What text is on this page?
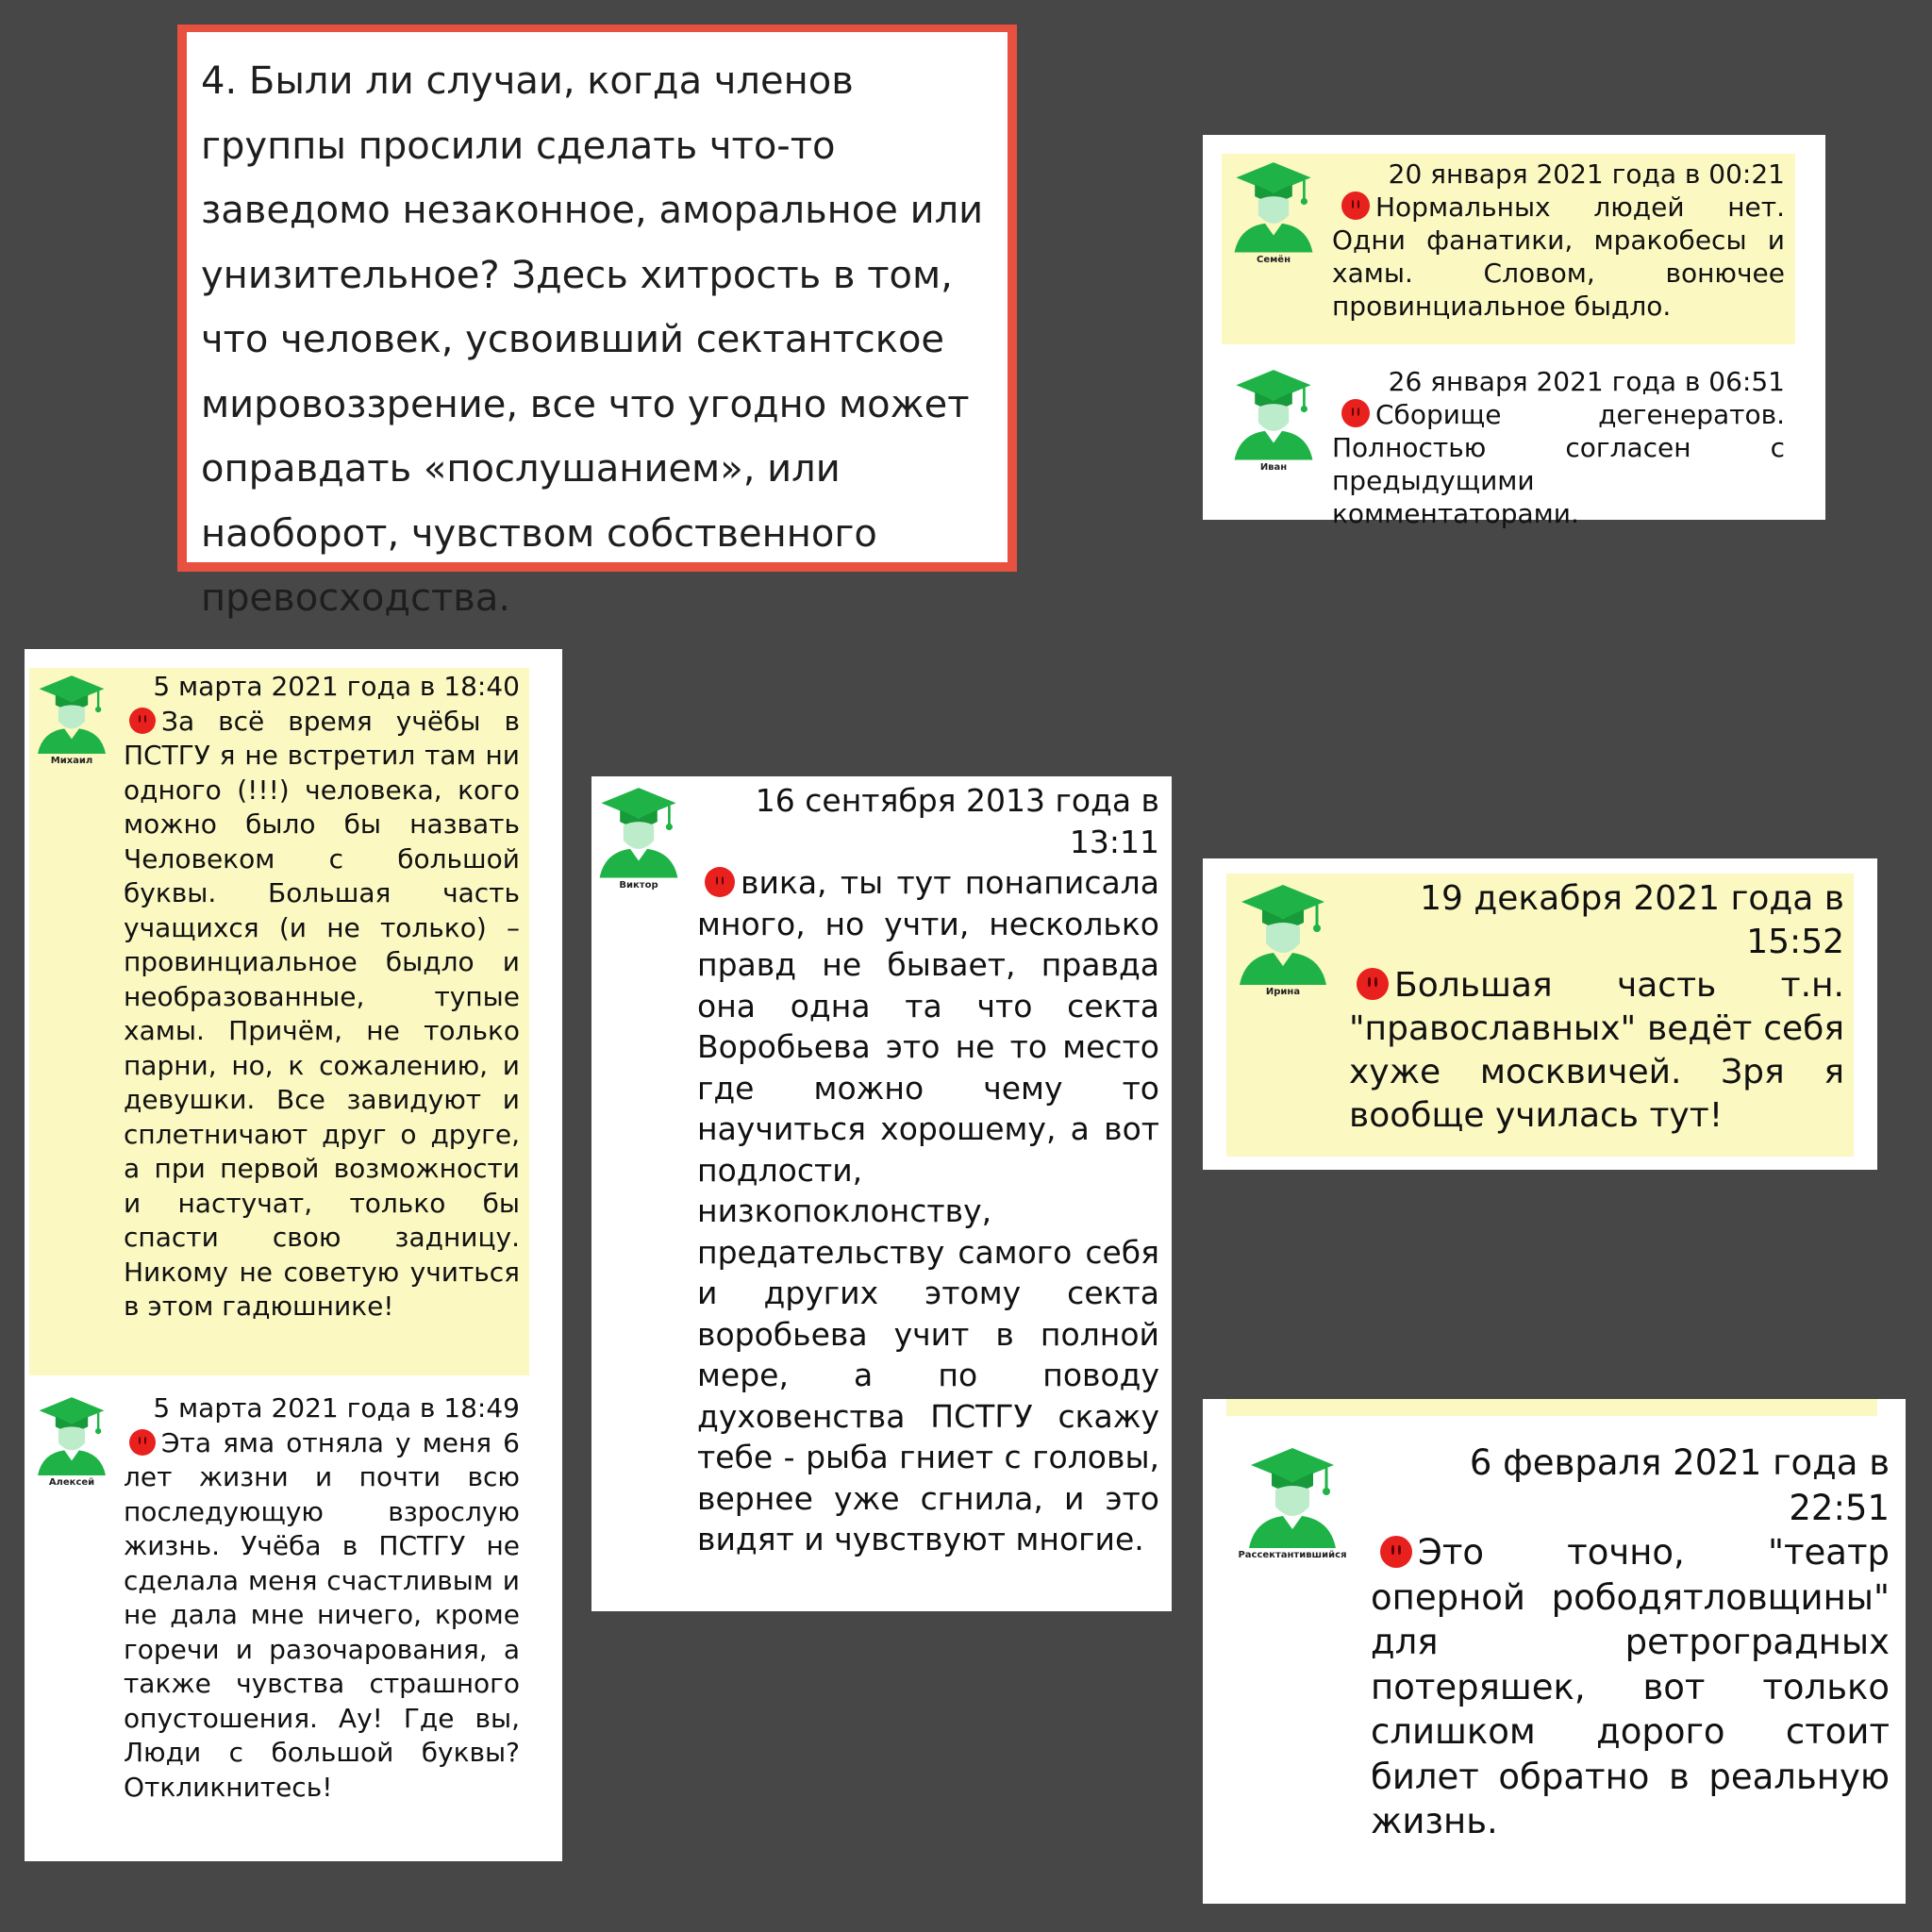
4. Были ли случаи, когда членов группы просили сделать что-то заведомо незаконное, аморальное или унизительное? Здесь хитрость в том, что человек, усвоивший сектантское мировоззрение, все что угодно может оправдать «послушанием», или наоборот, чувством собственного превосходства.

Семён
20 января 2021 года в 00:21
Нормальных людей нет. Одни фанатики, мракобесы и хамы. Словом, вонючее провинциальное быдло.
Иван
26 января 2021 года в 06:51
Сборище дегенератов. Полностью согласен с предыдущими комментаторами.
Михаил
5 марта 2021 года в 18:40
За всё время учёбы в ПСТГУ я не встретил там ни одного (!!!) человека, кого можно было бы назвать Человеком с большой буквы. Большая часть учащихся (и не только) – провинциальное быдло и необразованные, тупые хамы. Причём, не только парни, но, к сожалению, и девушки. Все завидуют и сплетничают друг о друге, а при первой возможности и настучат, только бы спасти свою задницу. Никому не советую учиться в этом гадюшнике!
Алексей
5 марта 2021 года в 18:49
Эта яма отняла у меня 6 лет жизни и почти всю последующую взрослую жизнь. Учёба в ПСТГУ не сделала меня счастливым и не дала мне ничего, кроме горечи и разочарования, а также чувства страшного опустошения. Ау! Где вы, Люди с большой буквы? Откликнитесь!
Виктор
16 сентября 2013 года в 13:11
вика, ты тут понаписала много, но учти, несколько правд не бывает, правда она одна та что секта Воробьева это не то место где можно чему то научиться хорошему, а вот подлости, низкопоклонству, предательству самого себя и других этому секта воробьева учит в полной мере, а по поводу духовенства ПСТГУ скажу тебе - рыба гниет с головы, вернее уже сгнила, и это видят и чувствуют многие.
Ирина
19 декабря 2021 года в 15:52
Большая часть т.н. "православных" ведёт себя хуже москвичей. Зря я вообще училась тут!
Рассектантившийся
6 февраля 2021 года в 22:51
Это точно, "театр оперной рободятловщины" для ретроградных потеряшек, вот только слишком дорого стоит билет обратно в реальную жизнь.
